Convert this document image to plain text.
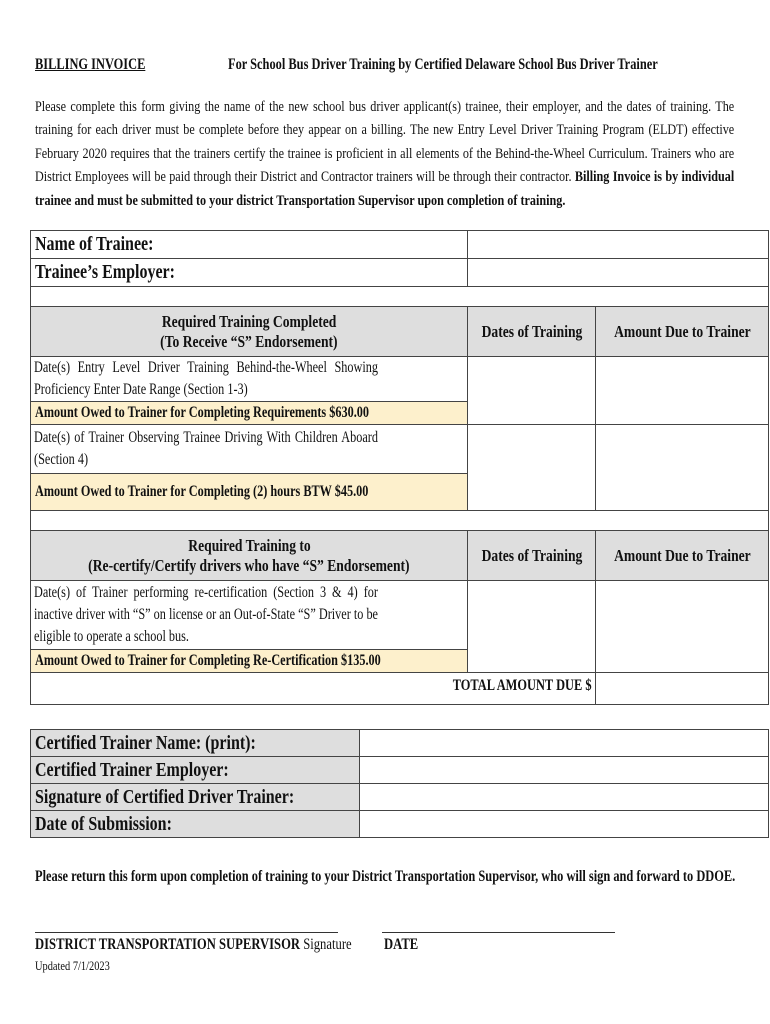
BILLING INVOICE	For School Bus Driver Training by Certified Delaware School Bus Driver Trainer
Please complete this form giving the name of the new school bus driver applicant(s) trainee, their employer, and the dates of training. The training for each driver must be complete before they appear on a billing. The new Entry Level Driver Training Program (ELDT) effective February 2020 requires that the trainers certify the trainee is proficient in all elements of the Behind-the-Wheel Curriculum. Trainers who are District Employees will be paid through their District and Contractor trainers will be through their contractor. Billing Invoice is by individual trainee and must be submitted to your district Transportation Supervisor upon completion of training.
Name of Trainee:		
Trainee’s Employer:		

Required Training Completed
(To Receive “S” Endorsement)	Dates of Training	Amount Due to Trainer

Date(s) Entry Level Driver Training Behind-the-Wheel Showing Proficiency Enter Date Range (Section 1-3)		

Amount Owed to Trainer for Completing Requirements $630.00		

Date(s) of Trainer Observing Trainee Driving With Children Aboard (Section 4)		

Amount Owed to Trainer for Completing (2) hours BTW $45.00		

Required Training to
(Re-certify/Certify drivers who have “S” Endorsement)	Dates of Training	Amount Due to Trainer

Date(s) of Trainer performing re-certification (Section 3 & 4) for inactive driver with “S” on license or an Out-of-State “S” Driver to be eligible to operate a school bus.		

Amount Owed to Trainer for Completing Re-Certification $135.00		
TOTAL AMOUNT DUE $		
Certified Trainer Name: (print):	
Certified Trainer Employer:	
Signature of Certified Driver Trainer:	
Date of Submission:	
Please return this form upon completion of training to your District Transportation Supervisor, who will sign and forward to DDOE.
DISTRICT TRANSPORTATION SUPERVISOR Signature	DATE
Updated 7/1/2023
